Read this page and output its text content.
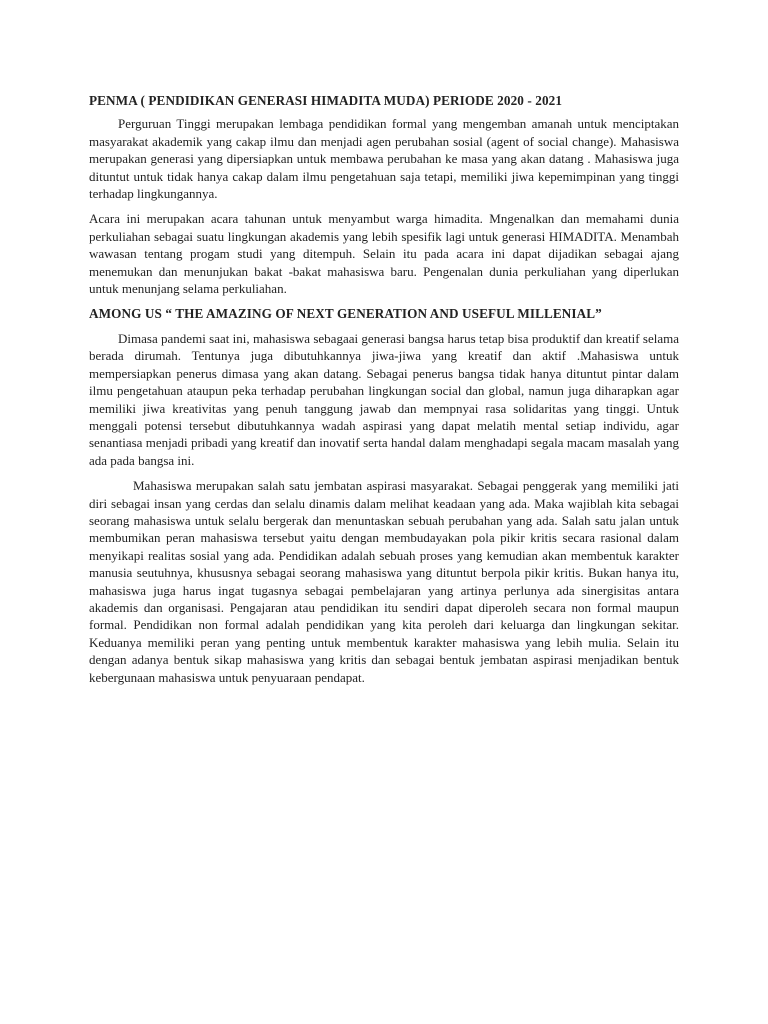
PENMA ( PENDIDIKAN GENERASI HIMADITA MUDA) PERIODE 2020 - 2021

Perguruan Tinggi merupakan lembaga pendidikan formal yang mengemban amanah untuk menciptakan masyarakat akademik yang cakap ilmu dan menjadi agen perubahan sosial (agent of social change). Mahasiswa merupakan generasi yang dipersiapkan untuk membawa perubahan ke masa yang akan datang . Mahasiswa juga dituntut untuk tidak hanya cakap dalam ilmu pengetahuan saja tetapi, memiliki jiwa kepemimpinan yang tinggi terhadap lingkungannya.

Acara ini merupakan acara tahunan untuk menyambut warga himadita. Mngenalkan dan memahami dunia perkuliahan sebagai suatu lingkungan akademis yang lebih spesifik lagi untuk generasi HIMADITA. Menambah wawasan tentang progam studi yang ditempuh. Selain itu pada acara ini dapat dijadikan sebagai ajang menemukan dan menunjukan bakat -bakat mahasiswa baru. Pengenalan dunia perkuliahan yang diperlukan untuk menunjang selama perkuliahan.

AMONG US “ THE AMAZING OF NEXT GENERATION AND USEFUL MILLENIAL”

Dimasa pandemi saat ini, mahasiswa sebagaai generasi bangsa harus tetap bisa produktif dan kreatif selama berada dirumah. Tentunya juga dibutuhkannya jiwa-jiwa yang kreatif dan aktif .Mahasiswa untuk mempersiapkan penerus dimasa yang akan datang. Sebagai penerus bangsa tidak hanya dituntut pintar dalam ilmu pengetahuan ataupun peka terhadap perubahan lingkungan social dan global, namun juga diharapkan agar memiliki jiwa kreativitas yang penuh tanggung jawab dan mempnyai rasa solidaritas yang tinggi. Untuk menggali potensi tersebut dibutuhkannya wadah aspirasi yang dapat melatih mental setiap individu, agar senantiasa menjadi pribadi yang kreatif dan inovatif serta handal dalam menghadapi segala macam masalah yang ada pada bangsa ini.

Mahasiswa merupakan salah satu jembatan aspirasi masyarakat. Sebagai penggerak yang memiliki jati diri sebagai insan yang cerdas dan selalu dinamis dalam melihat keadaan yang ada. Maka wajiblah kita sebagai seorang mahasiswa untuk selalu bergerak dan menuntaskan sebuah perubahan yang ada. Salah satu jalan untuk membumikan peran mahasiswa tersebut yaitu dengan membudayakan pola pikir kritis secara rasional dalam menyikapi realitas sosial yang ada. Pendidikan adalah sebuah proses yang kemudian akan membentuk karakter manusia seutuhnya, khususnya sebagai seorang mahasiswa yang dituntut berpola pikir kritis. Bukan hanya itu, mahasiswa juga harus ingat tugasnya sebagai pembelajaran yang artinya perlunya ada sinergisitas antara akademis dan organisasi. Pengajaran atau pendidikan itu sendiri dapat diperoleh secara non formal maupun formal. Pendidikan non formal adalah pendidikan yang kita peroleh dari keluarga dan lingkungan sekitar. Keduanya memiliki peran yang penting untuk membentuk karakter mahasiswa yang lebih mulia. Selain itu dengan adanya bentuk sikap mahasiswa yang kritis dan sebagai bentuk jembatan aspirasi menjadikan bentuk kebergunaan mahasiswa untuk penyuaraan pendapat.
